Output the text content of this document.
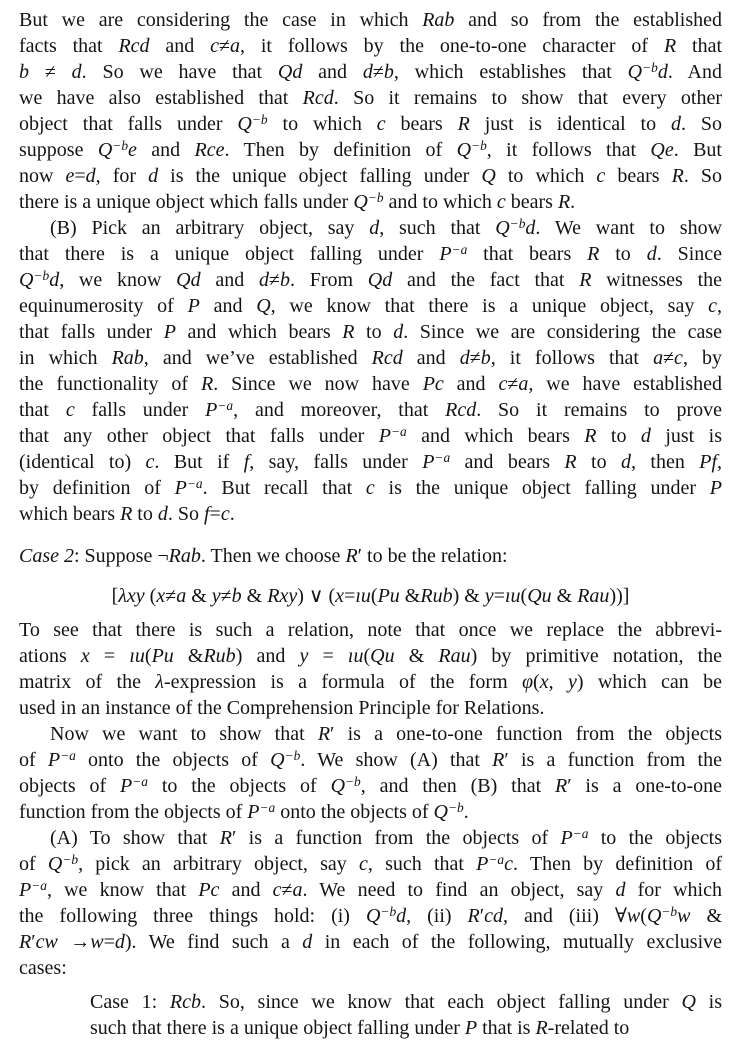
But we are considering the case in which Rab and so from the established
facts that Rcd and c≠a, it follows by the one-to-one character of R that
b ≠ d. So we have that Qd and d≠b, which establishes that $Q^{-b}d$. And
we have also established that Rcd. So it remains to show that every other
object that falls under $Q^{-b}$ to which c bears R just is identical to d. So
suppose $Q^{-b}e$ and Rce. Then by definition of $Q^{-b}$, it follows that Qe. But
now e=d, for d is the unique object falling under Q to which c bears R. So
there is a unique object which falls under $Q^{-b}$ and to which c bears R.
(B) Pick an arbitrary object, say d, such that $Q^{-b}d$. We want to show
that there is a unique object falling under $P^{-a}$ that bears R to d. Since
$Q^{-b}d$, we know Qd and d≠b. From Qd and the fact that R witnesses the
equinumerosity of P and Q, we know that there is a unique object, say c,
that falls under P and which bears R to d. Since we are considering the case
in which Rab, and we’ve established Rcd and d≠b, it follows that a≠c, by
the functionality of R. Since we now have Pc and c≠a, we have established
that c falls under $P^{-a}$, and moreover, that Rcd. So it remains to prove
that any other object that falls under $P^{-a}$ and which bears R to d just is
(identical to) c. But if f, say, falls under $P^{-a}$ and bears R to d, then Pf,
by definition of $P^{-a}$. But recall that c is the unique object falling under P
which bears R to d. So f=c.
Case 2: Suppose ¬Rab. Then we choose R′ to be the relation:
[λxy (x≠a & y≠b & Rxy) ∨ (x=ıu(Pu &Rub) & y=ıu(Qu & Rau))]
To see that there is such a relation, note that once we replace the abbrevi-
ations x = ıu(Pu &Rub) and y = ıu(Qu & Rau) by primitive notation, the
matrix of the λ-expression is a formula of the form φ(x, y) which can be
used in an instance of the Comprehension Principle for Relations.
Now we want to show that R′ is a one-to-one function from the objects
of $P^{-a}$ onto the objects of $Q^{-b}$. We show (A) that R′ is a function from the
objects of $P^{-a}$ to the objects of $Q^{-b}$, and then (B) that R′ is a one-to-one
function from the objects of $P^{-a}$ onto the objects of $Q^{-b}$.
(A) To show that R′ is a function from the objects of $P^{-a}$ to the objects
of $Q^{-b}$, pick an arbitrary object, say c, such that $P^{-a}c$. Then by definition of
$P^{-a}$, we know that Pc and c≠a. We need to find an object, say d for which
the following three things hold: (i) $Q^{-b}d$, (ii) R′cd, and (iii) $\forall w(Q^{-b}w$ &
R′cw →w=d). We find such a d in each of the following, mutually exclusive
cases:
Case 1: Rcb. So, since we know that each object falling under Q is
such that there is a unique object falling under P that is R-related to
